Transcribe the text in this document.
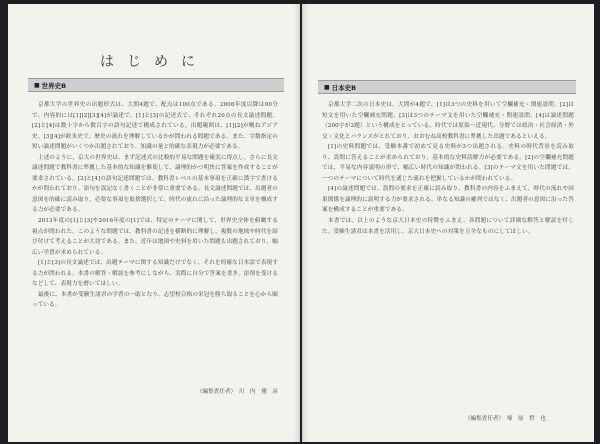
はじめに
■ 世界史B

京都大学の世界史の出題形式は、大問4題で、配点は100点である。2006年度以降は90分で、内容的には[1][2][3][4]が論述で、[1]と[3]の記述式で、それぞれ20点の長文論述問題、[2]と[4]は数十字から数百字の語句記述で構成されている。出題範囲は、[1][2]が概ねアジア史、[3][4]が欧米史で、歴史の流れを理解しているかが問われる問題である。また、字数指定の短い論述問題がいくつか出題されており、知識の量と的確な表現力が必要である。

上述のように、京大の世界史は、まず記述式の比較的平易な問題を確実に得点し、さらに長文論述問題で教科書に準拠した基本的な知識を駆使して、論理的かつ明快に答案を作成することが要求されている。[2]と[4]の語句記述問題では、教科書レベルの基本事項を正確に漢字で書けるかが問われており、語句を誤記なく書くことが非常に重要である。長文論述問題では、出題者の意図を的確に読み取り、必要な事項を取捨選択して、時代の流れに沿った論理的な文章を構成する力が必要である。

2013年度の[1]と[3]や2016年度の[1]では、特定のテーマに関して、世界史全体を俯瞰する視点が問われた。このような問題では、教科書の記述を横断的に理解し、複数の地域や時代を結び付けて考えることが大切である。また、近年は地図や史料を用いた問題も出題されており、幅広い学習が求められている。

[1]と[3]の長文論述では、出題テーマに関する知識だけでなく、それを的確な日本語で表現する力が問われる。本書の解答・解説を参考にしながら、実際に自分で答案を書き、添削を受けるなどして、表現力を磨いてほしい。

最後に、本書が受験生諸君の学習の一助となり、志望校合格の栄冠を勝ち取ることを心から願っている。

（編集責任者）　川　内　雅　彦
■ 日本史B

京都大学二次の日本史は、大問が4題で、[1]は3つの史料を用いて空欄補充・関連設問、[2]は短文を用いた空欄補充問題、[3]は3つのテーマ文を用いた空欄補充・関連設問、[4]は論述問題（200字が2題）という構成をとっている。時代では原始～近現代、分野では政治・社会経済・外交・文化とバランスがとれており、おおむね高校教科書に準拠した出題であるといえる。

[1]の史料問題では、受験本番で初めて見る史料が3つ出題される。史料の時代背景を読み取り、設問に答えることが求められており、基本的な史料読解力が必要である。[2]の空欄補充問題では、平易な内容説明の形で、幅広い時代の知識が問われる。[3]のテーマ文を用いた問題では、一つのテーマについて時代を通じた流れを把握しているかが問われている。

[4]の論述問題では、設問の要求を正確に読み取り、教科書の内容をふまえて、時代の流れや因果関係を論理的に説明する力が要求される。単なる知識の羅列ではなく、出題者の意図に沿った答案を構成することが重要である。

本書では、以上のような京大日本史の特徴をふまえ、各問題について詳細な解答と解説を付した。受験生諸君は本書を活用し、京大日本史への対策を万全なものにしてほしい。

（編集責任者）　塚　原　哲　也
